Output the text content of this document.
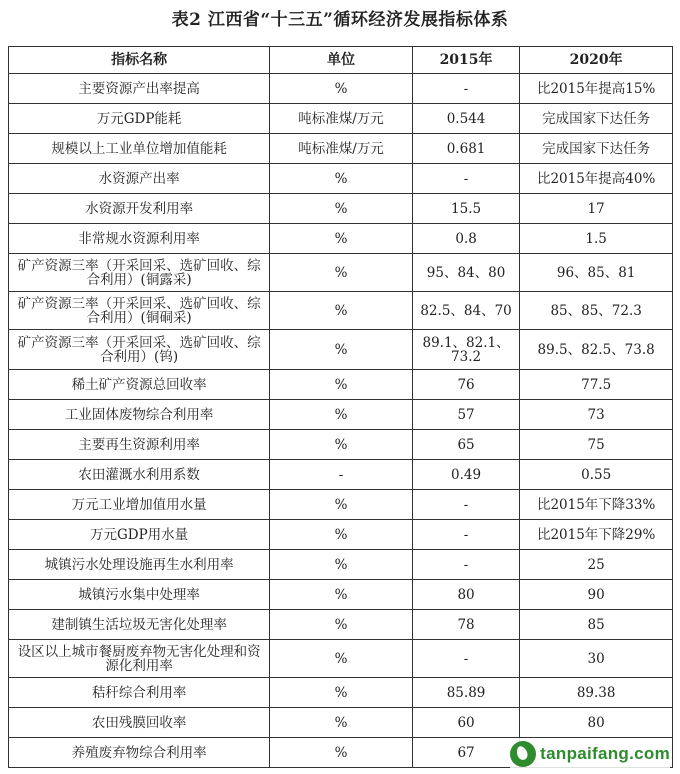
表2 江西省“十三五”循环经济发展指标体系
指标名称	单位	2015年	2020年
主要资源产出率提高	%	-	比2015年提高15%
万元GDP能耗	吨标准煤/万元	0.544	完成国家下达任务
规模以上工业单位增加值能耗	吨标准煤/万元	0.681	完成国家下达任务
水资源产出率	%	-	比2015年提高40%
水资源开发利用率	%	15.5	17
非常规水资源利用率	%	0.8	1.5
矿产资源三率（开采回采、选矿回收、综合利用）(铜露采)	%	95、84、80	96、85、81
矿产资源三率（开采回采、选矿回收、综合利用）(铜硐采)	%	82.5、84、70	85、85、72.3
矿产资源三率（开采回采、选矿回收、综合利用）(钨)	%	89.1、82.1、73.2	89.5、82.5、73.8
稀土矿产资源总回收率	%	76	77.5
工业固体废物综合利用率	%	57	73
主要再生资源利用率	%	65	75
农田灌溉水利用系数	-	0.49	0.55
万元工业增加值用水量	%	-	比2015年下降33%
万元GDP用水量	%	-	比2015年下降29%
城镇污水处理设施再生水利用率	%	-	25
城镇污水集中处理率	%	80	90
建制镇生活垃圾无害化处理率	%	78	85
设区以上城市餐厨废弃物无害化处理和资源化利用率	%	-	30
秸秆综合利用率	%	85.89	89.38
农田残膜回收率	%	60	80
养殖废弃物综合利用率	%	67		tanpaifang.com
